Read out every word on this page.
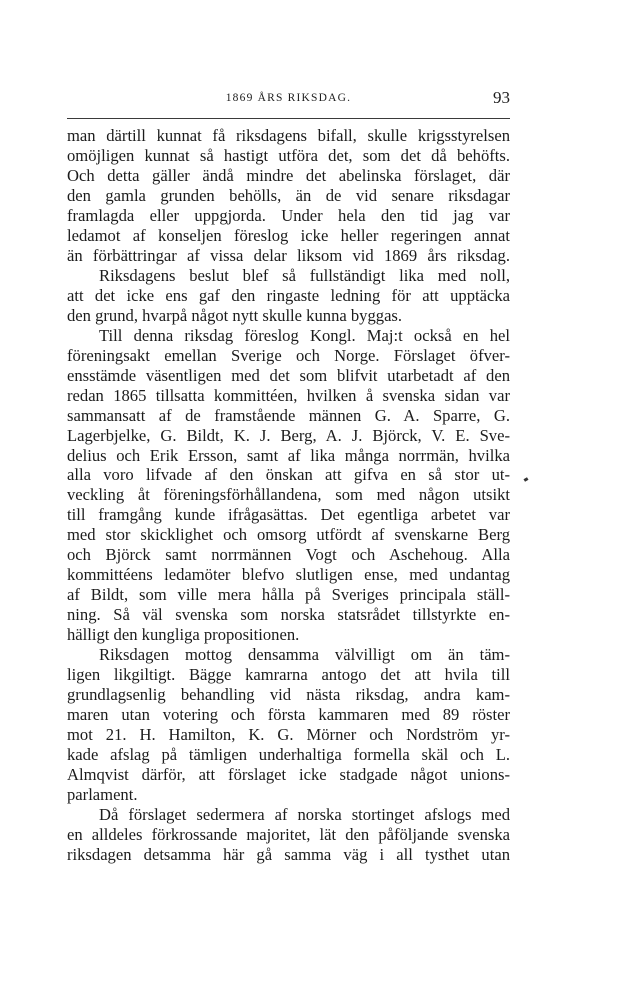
1869 ÅRS RIKSDAG.	93
man därtill kunnat få riksdagens bifall, skulle krigsstyrelsen
omöjligen kunnat så hastigt utföra det, som det då behöfts.
Och detta gäller ändå mindre det abelinska förslaget, där
den gamla grunden behölls, än de vid senare riksdagar
framlagda eller uppgjorda. Under hela den tid jag var
ledamot af konseljen föreslog icke heller regeringen annat
än förbättringar af vissa delar liksom vid 1869 års riksdag.
Riksdagens beslut blef så fullständigt lika med noll,
att det icke ens gaf den ringaste ledning för att upptäcka
den grund, hvarpå något nytt skulle kunna byggas.
Till denna riksdag föreslog Kongl. Maj:t också en hel
föreningsakt emellan Sverige och Norge. Förslaget öfver-
ensstämde väsentligen med det som blifvit utarbetadt af den
redan 1865 tillsatta kommittéen, hvilken å svenska sidan var
sammansatt af de framstående männen G. A. Sparre, G.
Lagerbjelke, G. Bildt, K. J. Berg, A. J. Björck, V. E. Sve-
delius och Erik Ersson, samt af lika många norrmän, hvilka
alla voro lifvade af den önskan att gifva en så stor ut-
veckling åt föreningsförhållandena, som med någon utsikt
till framgång kunde ifrågasättas. Det egentliga arbetet var
med stor skicklighet och omsorg utfördt af svenskarne Berg
och Björck samt norrmännen Vogt och Aschehoug. Alla
kommittéens ledamöter blefvo slutligen ense, med undantag
af Bildt, som ville mera hålla på Sveriges principala ställ-
ning. Så väl svenska som norska statsrådet tillstyrkte en-
hälligt den kungliga propositionen.
Riksdagen mottog densamma välvilligt om än täm-
ligen likgiltigt. Bägge kamrarna antogo det att hvila till
grundlagsenlig behandling vid nästa riksdag, andra kam-
maren utan votering och första kammaren med 89 röster
mot 21. H. Hamilton, K. G. Mörner och Nordström yr-
kade afslag på tämligen underhaltiga formella skäl och L.
Almqvist därför, att förslaget icke stadgade något unions-
parlament.
Då förslaget sedermera af norska stortinget afslogs med
en alldeles förkrossande majoritet, lät den påföljande svenska
riksdagen detsamma här gå samma väg i all tysthet utan
